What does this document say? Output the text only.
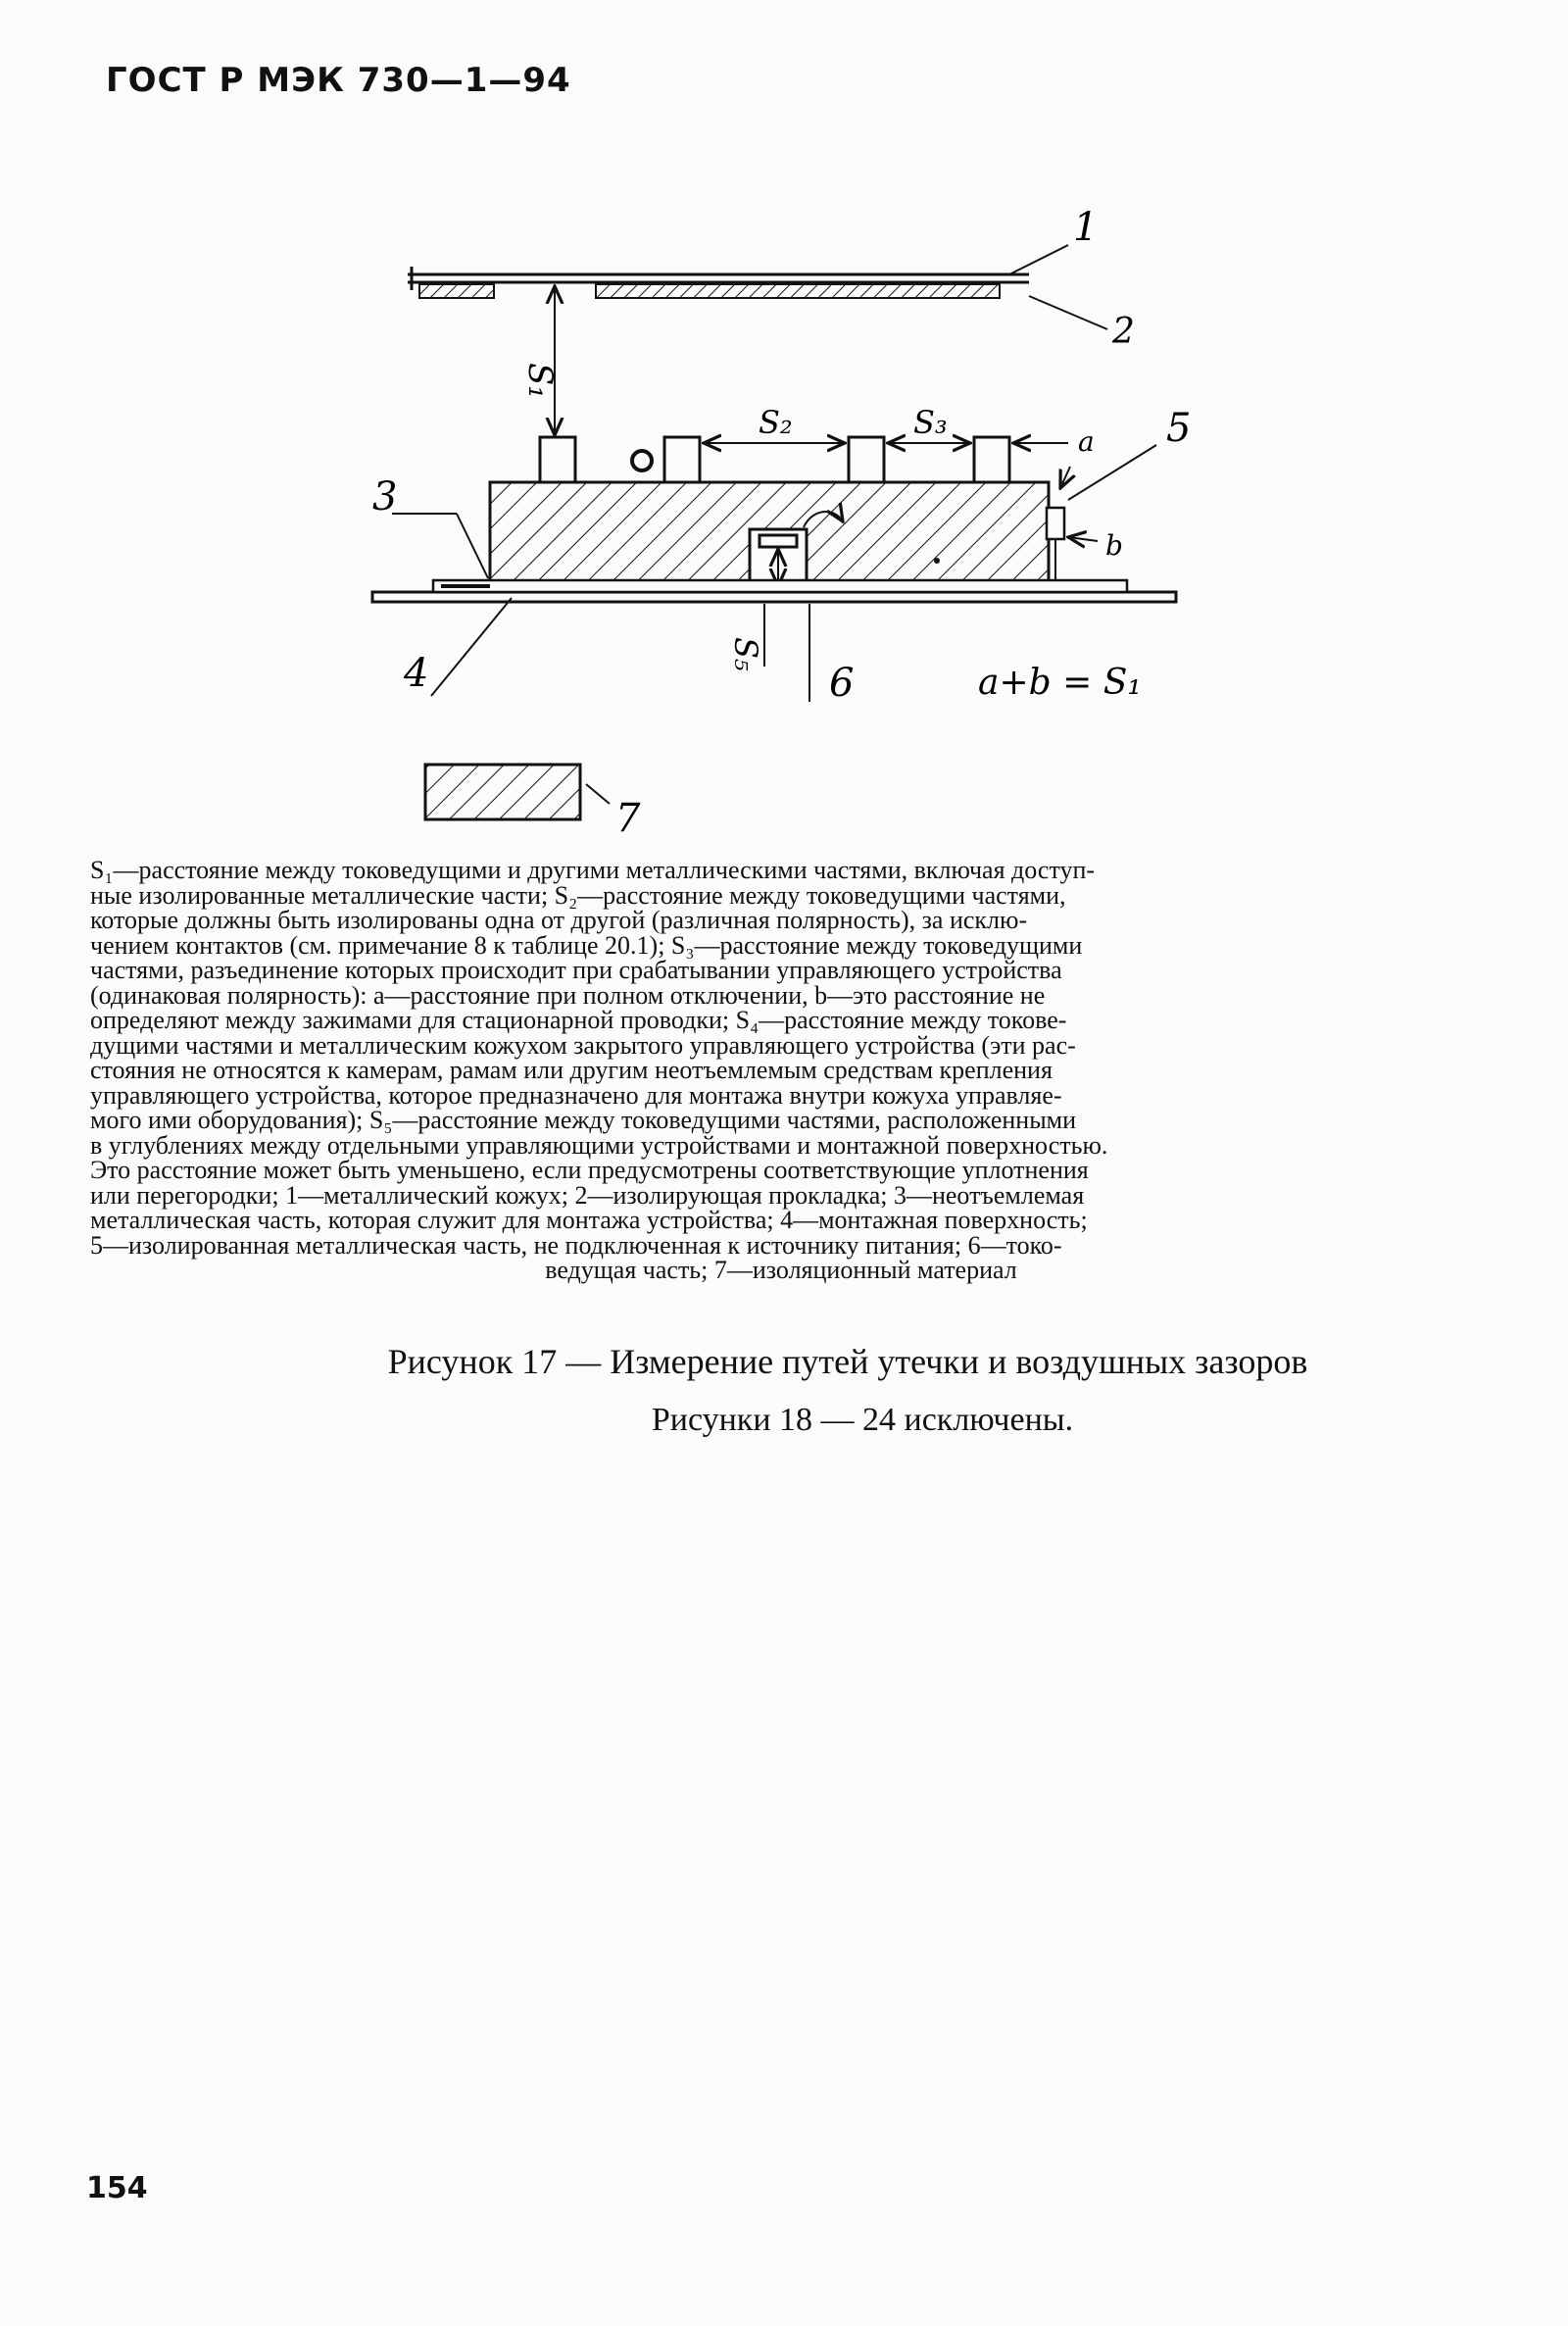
ГОСТ Р МЭК 730—1—94
1
2
3
4
5
6
7
S₁
S₂	S₃
S₅
a
b
a+b = S₁
S₁—расстояние между токоведущими и другими металлическими частями, включая доступ-
ные изолированные металлические части; S₂—расстояние между токоведущими частями,
которые должны быть изолированы одна от другой (различная полярность), за исклю-
чением контактов (см. примечание 8 к таблице 20.1); S₃—расстояние между токоведущими
частями, разъединение которых происходит при срабатывании управляющего устройства
(одинаковая полярность): a—расстояние при полном отключении, b—это расстояние не
определяют между зажимами для стационарной проводки; S₄—расстояние между токове-
дущими частями и металлическим кожухом закрытого управляющего устройства (эти рас-
стояния не относятся к камерам, рамам или другим неотъемлемым средствам крепления
управляющего устройства, которое предназначено для монтажа внутри кожуха управляе-
мого ими оборудования); S₅—расстояние между токоведущими частями, расположенными
в углублениях между отдельными управляющими устройствами и монтажной поверхностью.
Это расстояние может быть уменьшено, если предусмотрены соответствующие уплотнения
или перегородки; 1—металлический кожух; 2—изолирующая прокладка; 3—неотъемлемая
металлическая часть, которая служит для монтажа устройства; 4—монтажная поверхность;
5—изолированная металлическая часть, не подключенная к источнику питания; 6—токо-
ведущая часть; 7—изоляционный материал
Рисунок 17 — Измерение путей утечки и воздушных зазоров
Рисунки 18 — 24 исключены.
154
